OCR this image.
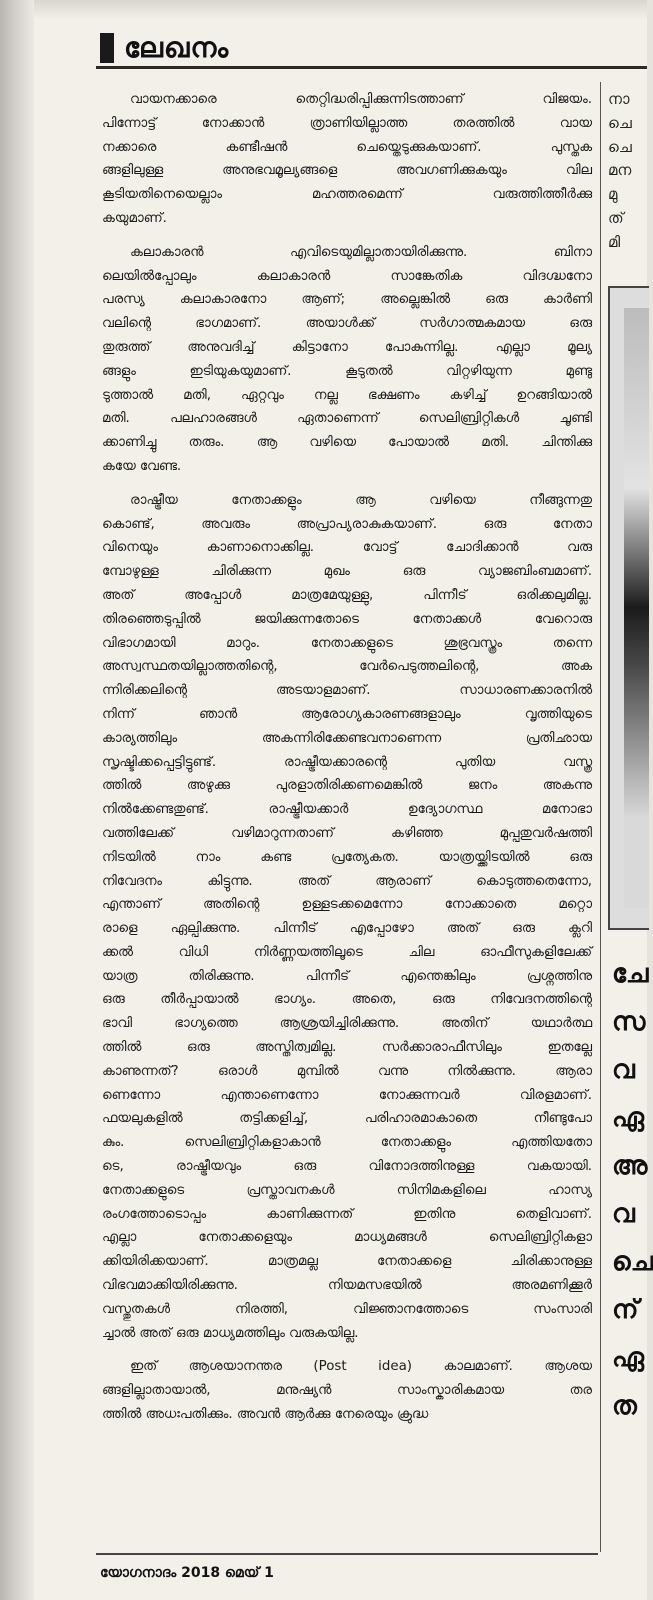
ലേഖനം

വായനക്കാരെ തെറ്റിദ്ധരിപ്പിക്കുന്നിടത്താണ് വിജയം.
പിന്നോട്ട് നോക്കാൻ ത്രാണിയില്ലാത്ത തരത്തിൽ വായ
നക്കാരെ കണ്ടീഷൻ ചെയ്തെടുക്കുകയാണ്. പുസ്തക
ങ്ങളിലുള്ള അനുഭവമൂല്യങ്ങളെ അവഗണിക്കുകയും വില
കൂടിയതിനെയെല്ലാം മഹത്തരമെന്ന് വരുത്തിത്തീർക്കു
കയുമാണ്.

കലാകാരൻ എവിടെയുമില്ലാതായിരിക്കുന്നു. ബിനാ
ലെയിൽപ്പോലും കലാകാരൻ സാങ്കേതിക വിദഗ്ദ്ധനോ
പരസ്യ കലാകാരനോ ആണ്; അല്ലെങ്കിൽ ഒരു കാർണി
വലിന്റെ ഭാഗമാണ്. അയാൾക്ക് സർഗാത്മകമായ ഒരു
തുരുത്ത് അനുവദിച്ച് കിട്ടാനോ പോകുന്നില്ല. എല്ലാ മൂല്യ
ങ്ങളും ഇടിയുകയുമാണ്. കൂടുതൽ വിറ്റഴിയുന്ന മുണ്ടു
ടുത്താൽ മതി, ഏറ്റവും നല്ല ഭക്ഷണം കഴിച്ച് ഉറങ്ങിയാൽ
മതി. പലഹാരങ്ങൾ ഏതാണെന്ന് സെലിബ്രിറ്റികൾ ചൂണ്ടി
ക്കാണിച്ചു തരും. ആ വഴിയെ പോയാൽ മതി. ചിന്തിക്കു
കയേ വേണ്ട.

രാഷ്ട്രീയ നേതാക്കളും ആ വഴിയെ നീങ്ങുന്നതു
കൊണ്ട്, അവരും അപ്രാപ്യരാകുകയാണ്. ഒരു നേതാ
വിനെയും കാണാനൊക്കില്ല. വോട്ട് ചോദിക്കാൻ വരു
മ്പോഴുള്ള ചിരിക്കുന്ന മുഖം ഒരു വ്യാജബിംബമാണ്.
അത് അപ്പോൾ മാത്രമേയുള്ളു, പിന്നീട് ഒരിക്കലുമില്ല.
തിരഞ്ഞെടുപ്പിൽ ജയിക്കുന്നതോടെ നേതാക്കൾ വേറൊരു
വിഭാഗമായി മാറും. നേതാക്കളുടെ ശുഭ്രവസ്ത്രം തന്നെ
അസ്വസ്ഥതയില്ലാത്തതിന്റെ, വേർപെടുത്തലിന്റെ, അക
ന്നിരിക്കലിന്റെ അടയാളമാണ്. സാധാരണക്കാരനിൽ
നിന്ന് ഞാൻ ആരോഗ്യകാരണങ്ങളാലും വൃത്തിയുടെ
കാര്യത്തിലും അകന്നിരിക്കേണ്ടവനാണെന്ന പ്രതിഛായ
സൃഷ്ടിക്കപ്പെട്ടിട്ടുണ്ട്. രാഷ്ട്രീയക്കാരന്റെ പുതിയ വസ്ത്ര
ത്തിൽ അഴുക്കു പുരളാതിരിക്കണമെങ്കിൽ ജനം അകന്നു
നിൽക്കേണ്ടതുണ്ട്. രാഷ്ട്രീയക്കാർ ഉദ്യോഗസ്ഥ മനോഭാ
വത്തിലേക്ക് വഴിമാറുന്നതാണ് കഴിഞ്ഞ മുപ്പതുവർഷത്തി
നിടയിൽ നാം കണ്ട പ്രത്യേകത. യാത്രയ്ക്കിടയിൽ ഒരു
നിവേദനം കിട്ടുന്നു. അത് ആരാണ് കൊടുത്തതെന്നോ,
എന്താണ് അതിന്റെ ഉള്ളടക്കമെന്നോ നോക്കാതെ മറ്റൊ
രാളെ ഏല്പിക്കുന്നു. പിന്നീട് എപ്പോഴോ അത് ഒരു ക്ലറി
ക്കൽ വിധി നിർണ്ണയത്തിലൂടെ ചില ഓഫീസുകളിലേക്ക്
യാത്ര തിരിക്കുന്നു. പിന്നീട് എന്തെങ്കിലും പ്രശ്നത്തിനു
ഒരു തീർപ്പായാൽ ഭാഗ്യം. അതെ, ഒരു നിവേദനത്തിന്റെ
ഭാവി ഭാഗ്യത്തെ ആശ്രയിച്ചിരിക്കുന്നു. അതിന് യഥാർത്ഥ
ത്തിൽ ഒരു അസ്തിത്വമില്ല. സർക്കാരാഫീസിലും ഇതല്ലേ
കാണുന്നത്? ഒരാൾ മുമ്പിൽ വന്നു നിൽക്കുന്നു. ആരാ
ണെന്നോ എന്താണെന്നോ നോക്കുന്നവർ വിരളമാണ്.
ഫയലുകളിൽ തട്ടിക്കളിച്ച്, പരിഹാരമാകാതെ നീണ്ടുപോ
കും. സെലിബ്രിറ്റികളാകാൻ നേതാക്കളും എത്തിയതോ
ടെ, രാഷ്ട്രീയവും ഒരു വിനോദത്തിനുള്ള വകയായി.
നേതാക്കളുടെ പ്രസ്താവനകൾ സിനിമകളിലെ ഹാസ്യ
രംഗത്തോടൊപ്പം കാണിക്കുന്നത് ഇതിനു തെളിവാണ്.
എല്ലാ നേതാക്കളെയും മാധ്യമങ്ങൾ സെലിബ്രിറ്റികളാ
ക്കിയിരിക്കയാണ്. മാത്രമല്ല നേതാക്കളെ ചിരിക്കാനുള്ള
വിഭവമാക്കിയിരിക്കുന്നു. നിയമസഭയിൽ അരമണിക്കൂർ
വസ്തുതകൾ നിരത്തി, വിജ്ഞാനത്തോടെ സംസാരി
ച്ചാൽ അത് ഒരു മാധ്യമത്തിലും വരുകയില്ല.

ഇത് ആശയാനന്തര (Post idea) കാലമാണ്. ആശയ
ങ്ങളില്ലാതായാൽ, മനുഷ്യൻ സാംസ്കാരികമായ തര
ത്തിൽ അധഃപതിക്കും. അവൻ ആർക്കു നേരെയും ക്രുദ്ധ

നാ
ചെ
ചെ
മന
മു
ത്
മി
ചേ
സ
വ
ഏ
അ
വ
ചെ
ന്
ഏ
ത
യോഗനാദം 2018 മെയ് 1
